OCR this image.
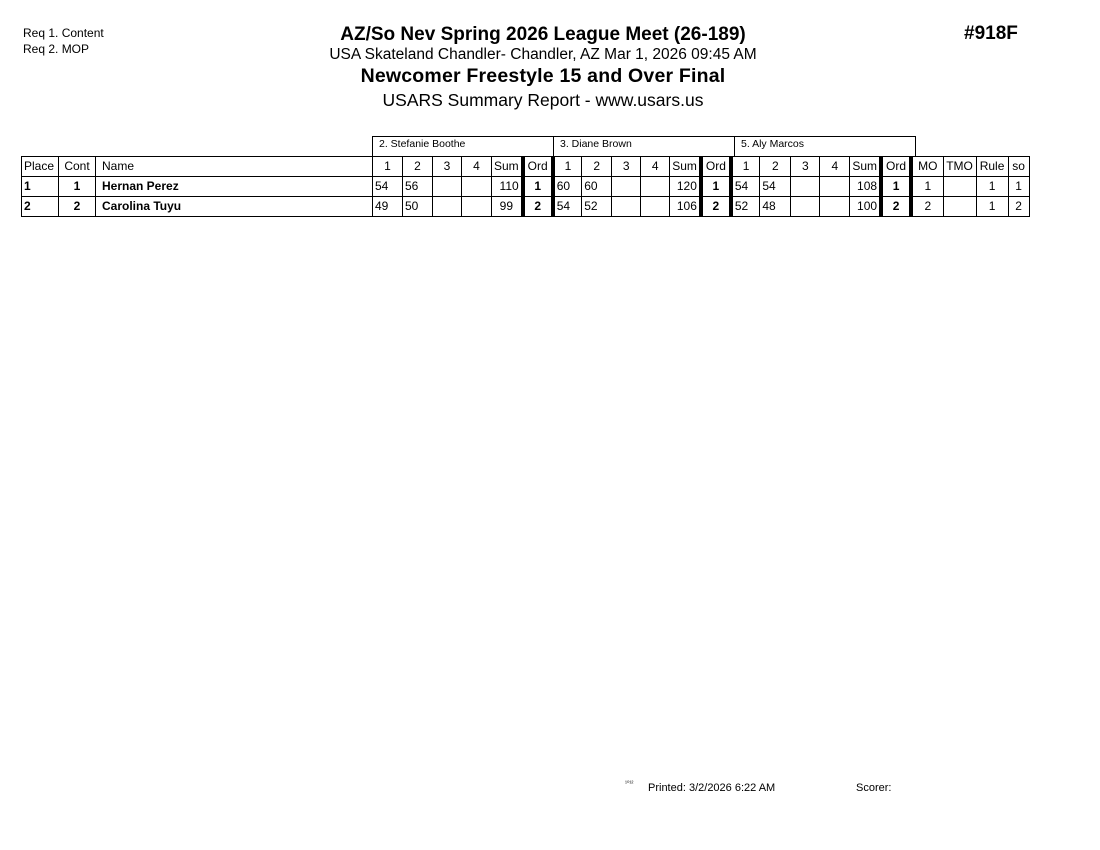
Req 1. Content
Req 2. MOP
#918F
AZ/So Nev Spring 2026 League Meet (26-189)
USA Skateland Chandler- Chandler, AZ Mar 1, 2026 09:45 AM
Newcomer Freestyle 15 and Over Final
USARS Summary Report - www.usars.us
2. Stefanie Boothe	3. Diane Brown	5. Aly Marcos
Place	Cont	Name	1	2	3	4	Sum	Ord	1	2	3	4	Sum	Ord	1	2	3	4	Sum	Ord	MO	TMO	Rule	so
1	1	Hernan Perez	54	56			110	1	60	60			120	1	54	54			108	1	1		1	1
2	2	Carolina Tuyu	49	50			99	2	54	52			106	2	52	48			100	2	2		1	2
¹⁰¹² Printed: 3/2/2026 6:22 AM	Scorer:
